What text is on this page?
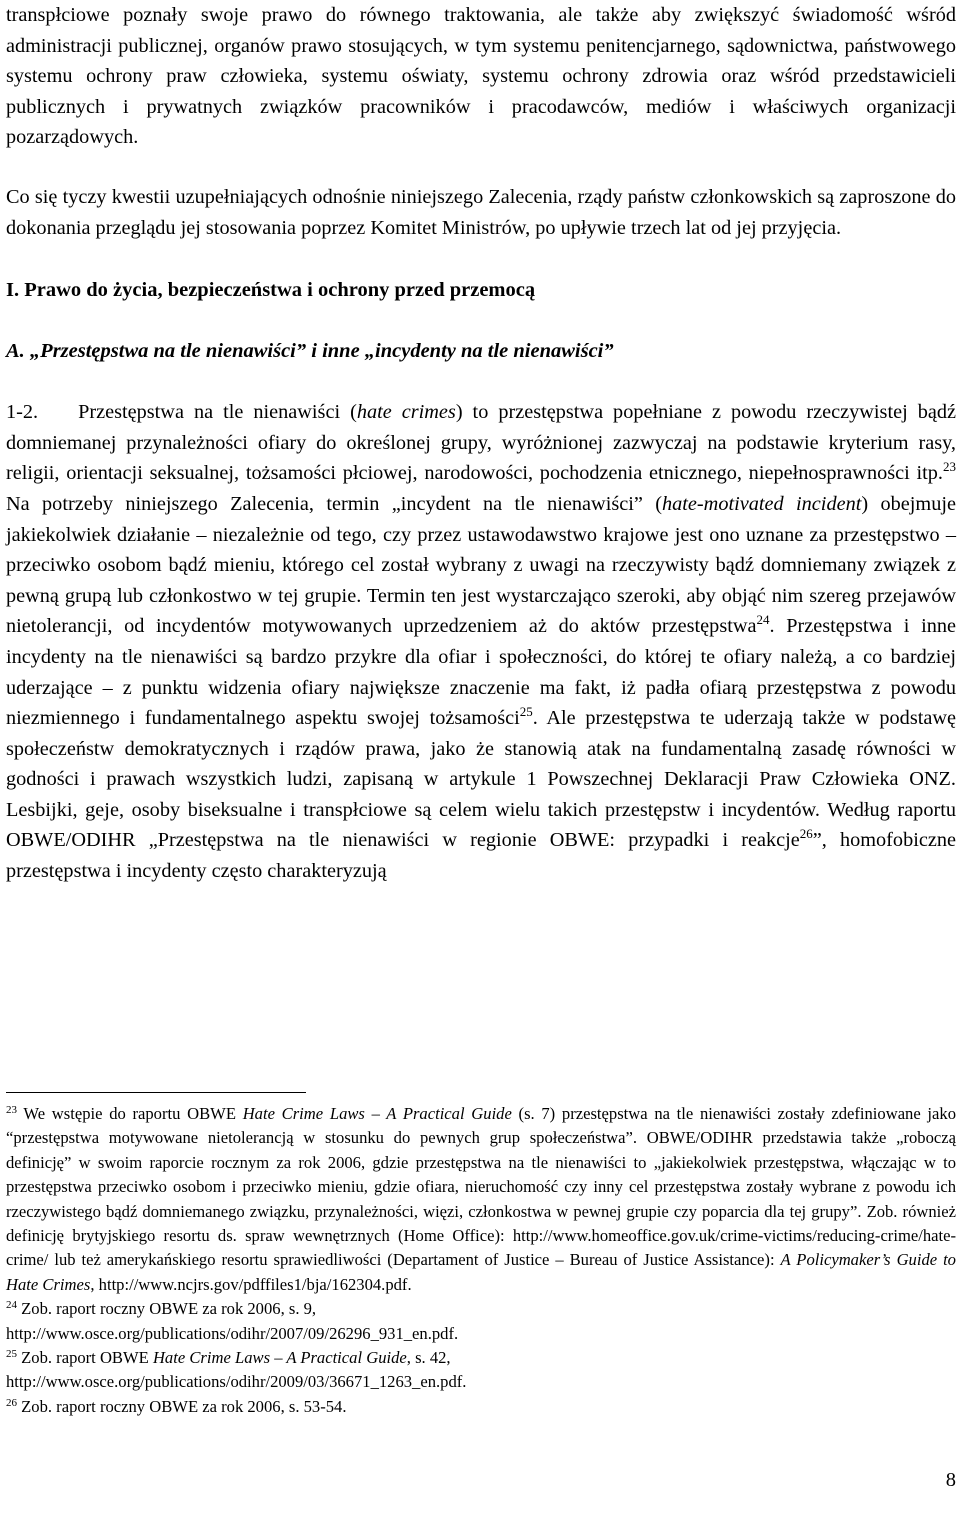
transpłciowe poznały swoje prawo do równego traktowania, ale także aby zwiększyć świadomość wśród administracji publicznej, organów prawo stosujących, w tym systemu penitencjarnego, sądownictwa, państwowego systemu ochrony praw człowieka, systemu oświaty, systemu ochrony zdrowia oraz wśród przedstawicieli publicznych i prywatnych związków pracowników i pracodawców, mediów i właściwych organizacji pozarządowych.

Co się tyczy kwestii uzupełniających odnośnie niniejszego Zalecenia, rządy państw członkowskich są zaproszone do dokonania przeglądu jej stosowania poprzez Komitet Ministrów, po upływie trzech lat od jej przyjęcia.

I. Prawo do życia, bezpieczeństwa i ochrony przed przemocą

A. „Przestępstwa na tle nienawiści” i inne „incydenty na tle nienawiści”

1-2. Przestępstwa na tle nienawiści (hate crimes) to przestępstwa popełniane z powodu rzeczywistej bądź domniemanej przynależności ofiary do określonej grupy, wyróżnionej zazwyczaj na podstawie kryterium rasy, religii, orientacji seksualnej, tożsamości płciowej, narodowości, pochodzenia etnicznego, niepełnosprawności itp.$^{23}$ Na potrzeby niniejszego Zalecenia, termin „incydent na tle nienawiści” (hate-motivated incident) obejmuje jakiekolwiek działanie – niezależnie od tego, czy przez ustawodawstwo krajowe jest ono uznane za przestępstwo – przeciwko osobom bądź mieniu, którego cel został wybrany z uwagi na rzeczywisty bądź domniemany związek z pewną grupą lub członkostwo w tej grupie. Termin ten jest wystarczająco szeroki, aby objąć nim szereg przejawów nietolerancji, od incydentów motywowanych uprzedzeniem aż do aktów przestępstwa$^{24}$. Przestępstwa i inne incydenty na tle nienawiści są bardzo przykre dla ofiar i społeczności, do której te ofiary należą, a co bardziej uderzające – z punktu widzenia ofiary największe znaczenie ma fakt, iż padła ofiarą przestępstwa z powodu niezmiennego i fundamentalnego aspektu swojej tożsamości$^{25}$. Ale przestępstwa te uderzają także w podstawę społeczeństw demokratycznych i rządów prawa, jako że stanowią atak na fundamentalną zasadę równości w godności i prawach wszystkich ludzi, zapisaną w artykule 1 Powszechnej Deklaracji Praw Człowieka ONZ. Lesbijki, geje, osoby biseksualne i transpłciowe są celem wielu takich przestępstw i incydentów. Według raportu OBWE/ODIHR „Przestępstwa na tle nienawiści w regionie OBWE: przypadki i reakcje$^{26}$”, homofobiczne przestępstwa i incydenty często charakteryzują

$^{23}$ We wstępie do raportu OBWE Hate Crime Laws – A Practical Guide (s. 7) przestępstwa na tle nienawiści zostały zdefiniowane jako “przestępstwa motywowane nietolerancją w stosunku do pewnych grup społeczeństwa”. OBWE/ODIHR przedstawia także „roboczą definicję” w swoim raporcie rocznym za rok 2006, gdzie przestępstwa na tle nienawiści to „jakiekolwiek przestępstwa, włączając w to przestępstwa przeciwko osobom i przeciwko mieniu, gdzie ofiara, nieruchomość czy inny cel przestępstwa zostały wybrane z powodu ich rzeczywistego bądź domniemanego związku, przynależności, więzi, członkostwa w pewnej grupie czy poparcia dla tej grupy”. Zob. również definicję brytyjskiego resortu ds. spraw wewnętrznych (Home Office): http://www.homeoffice.gov.uk/crime-victims/reducing-crime/hate-crime/ lub też amerykańskiego resortu sprawiedliwości (Departament of Justice – Bureau of Justice Assistance): A Policymaker’s Guide to Hate Crimes, http://www.ncjrs.gov/pdffiles1/bja/162304.pdf.

$^{24}$ Zob. raport roczny OBWE za rok 2006, s. 9,
http://www.osce.org/publications/odihr/2007/09/26296_931_en.pdf.

$^{25}$ Zob. raport OBWE Hate Crime Laws – A Practical Guide, s. 42,
http://www.osce.org/publications/odihr/2009/03/36671_1263_en.pdf.

$^{26}$ Zob. raport roczny OBWE za rok 2006, s. 53-54.

8
